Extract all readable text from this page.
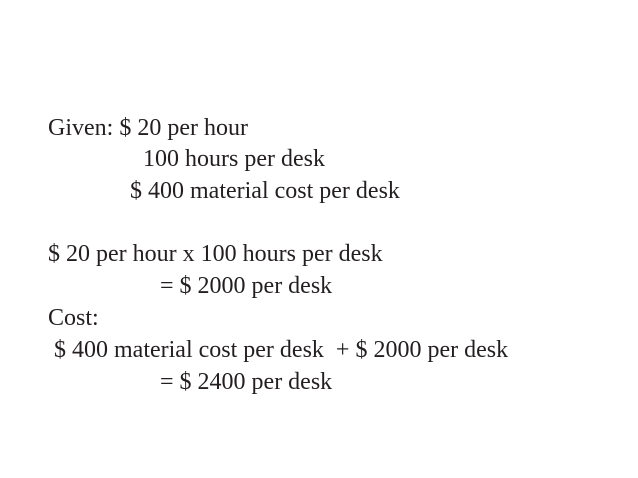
Given: $ 20 per hour
100 hours per desk
$ 400 material cost per desk
$ 20 per hour x 100 hours per desk
= $ 2000 per desk
Cost:
$ 400 material cost per desk  + $ 2000 per desk
= $ 2400 per desk
